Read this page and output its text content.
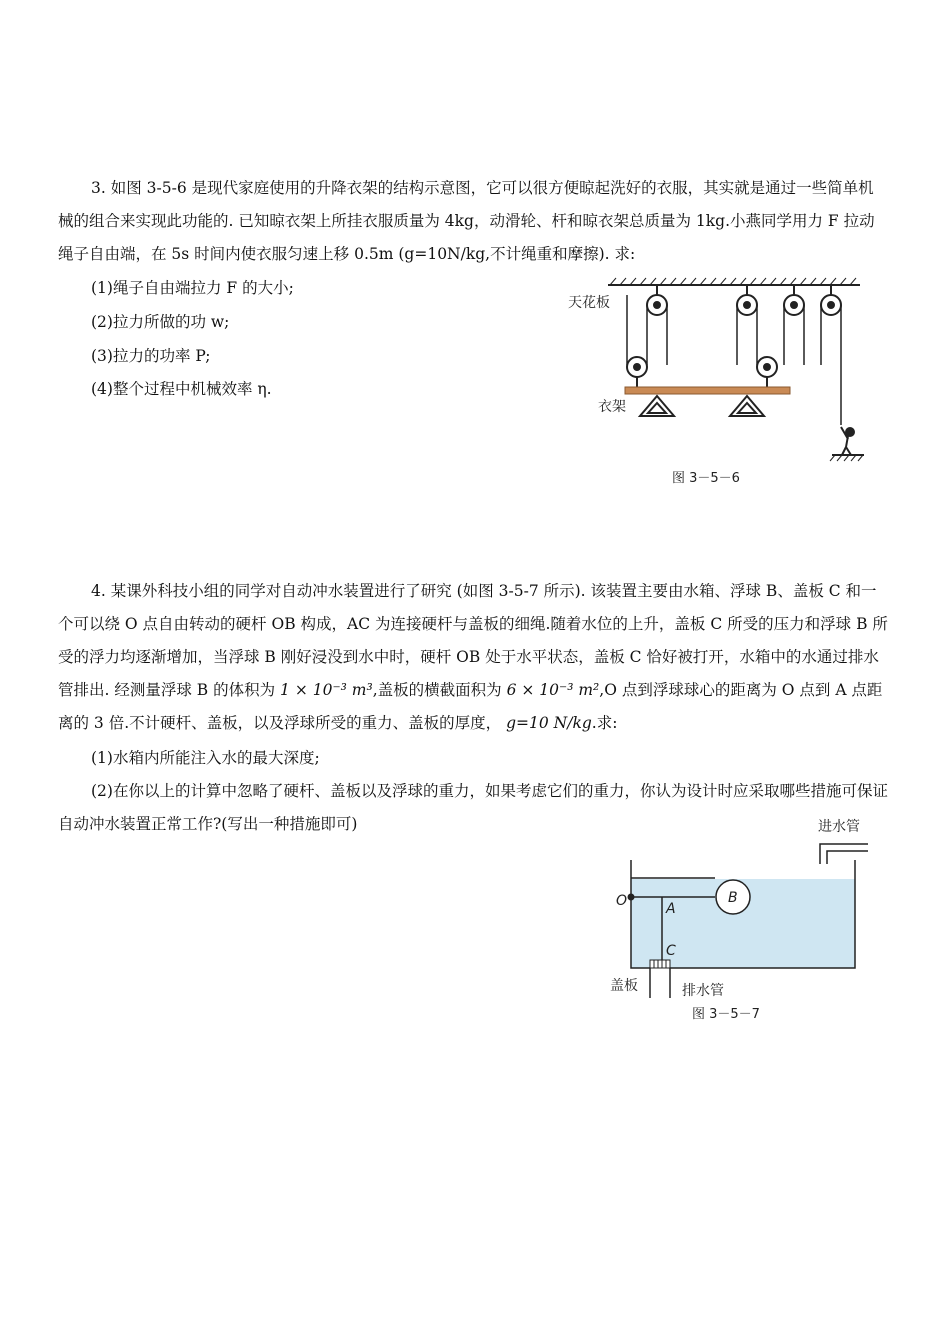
3. 如图 3-5-6 是现代家庭使用的升降衣架的结构示意图，它可以很方便晾起洗好的衣服，其实就是通过一些简单机械的组合来实现此功能的. 已知晾衣架上所挂衣服质量为 4kg，动滑轮、杆和晾衣架总质量为 1kg.小燕同学用力 F 拉动绳子自由端，在 5s 时间内使衣服匀速上移 0.5m (g=10N/kg,不计绳重和摩擦). 求:

(1)绳子自由端拉力 F 的大小;

(2)拉力所做的功 w;

(3)拉力的功率 P;

(4)整个过程中机械效率 η.

天花板
衣架
图 3－5－6

4. 某课外科技小组的同学对自动冲水装置进行了研究 (如图 3-5-7 所示). 该装置主要由水箱、浮球 B、盖板 C 和一个可以绕 O 点自由转动的硬杆 OB 构成，AC 为连接硬杆与盖板的细绳.随着水位的上升，盖板 C 所受的压力和浮球 B 所受的浮力均逐渐增加，当浮球 B 刚好浸没到水中时，硬杆 OB 处于水平状态，盖板 C 恰好被打开，水箱中的水通过排水管排出. 经测量浮球 B 的体积为 1 × 10⁻³ m³,盖板的横截面积为 6 × 10⁻³ m²,O 点到浮球球心的距离为 O 点到 A 点距离的 3 倍.不计硬杆、盖板，以及浮球所受的重力、盖板的厚度， g=10 N/kg.求:

(1)水箱内所能注入水的最大深度;

(2)在你以上的计算中忽略了硬杆、盖板以及浮球的重力，如果考虑它们的重力，你认为设计时应采取哪些措施可保证自动冲水装置正常工作?(写出一种措施即可)	进水管
O	B
A
C
盖板	排水管
图 3－5－7
